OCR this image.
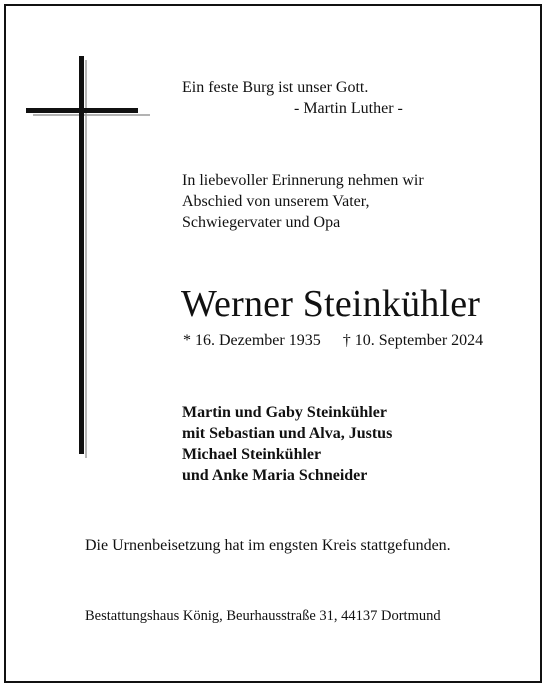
Ein feste Burg ist unser Gott.
- Martin Luther -
In liebevoller Erinnerung nehmen wir
Abschied von unserem Vater,
Schwiegervater und Opa
Werner Steinkühler
* 16. Dezember 1935 † 10. September 2024
Martin und Gaby Steinkühler
mit Sebastian und Alva, Justus
Michael Steinkühler
und Anke Maria Schneider
Die Urnenbeisetzung hat im engsten Kreis stattgefunden.
Bestattungshaus König, Beurhausstraße 31, 44137 Dortmund
